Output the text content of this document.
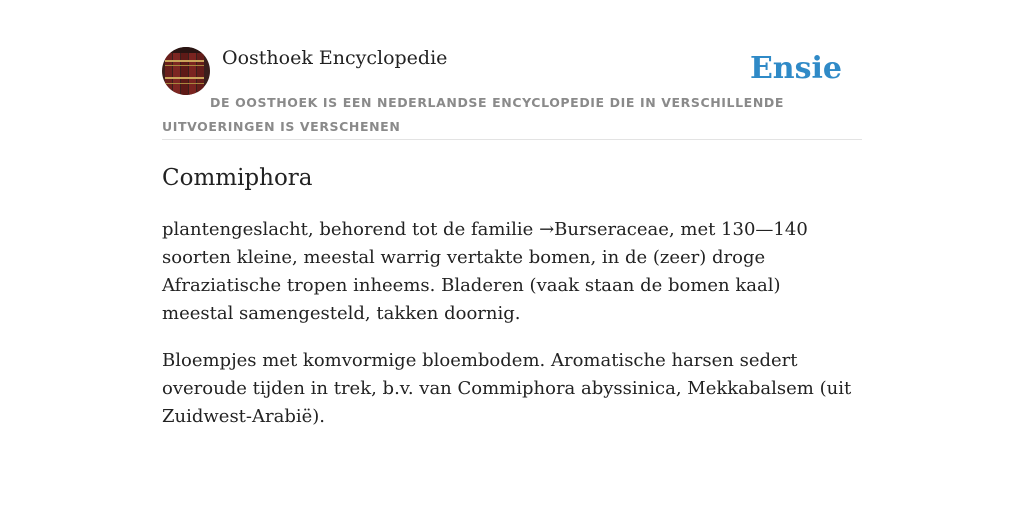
Oosthoek Encyclopedie	Ensie

DE OOSTHOEK IS EEN NEDERLANDSE ENCYCLOPEDIE DIE IN VERSCHILLENDE UITVOERINGEN IS VERSCHENEN

Commiphora

plantengeslacht, behorend tot de familie →Burseraceae, met 130—140 soorten kleine, meestal warrig vertakte bomen, in de (zeer) droge Afraziatische tropen inheems. Bladeren (vaak staan de bomen kaal) meestal samengesteld, takken doornig.

Bloempjes met komvormige bloembodem. Aromatische harsen sedert overoude tijden in trek, b.v. van Commiphora abyssinica, Mekkabalsem (uit Zuidwest-Arabië).
